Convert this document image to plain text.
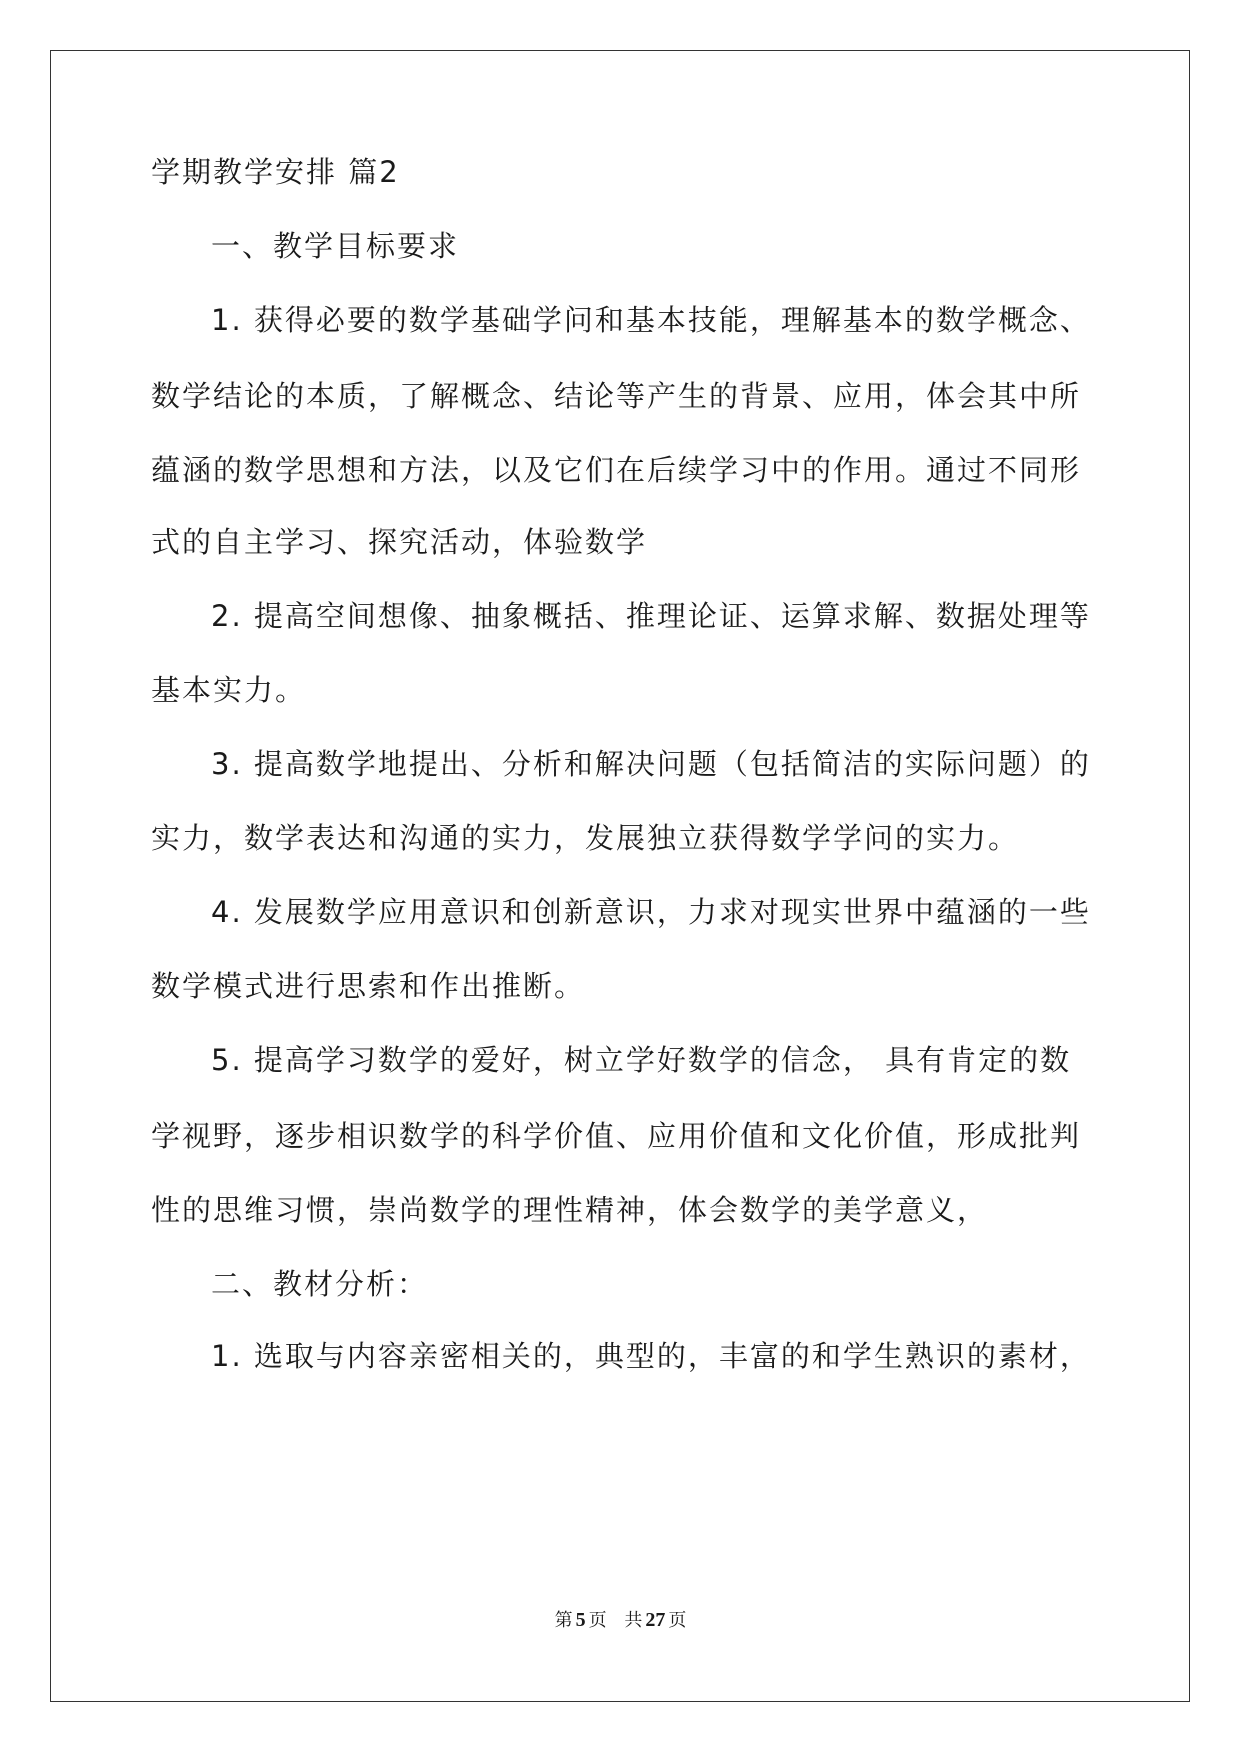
学期教学安排 篇2
一、教学目标要求
1. 获得必要的数学基础学问和基本技能，理解基本的数学概念、
数学结论的本质，了解概念、结论等产生的背景、应用，体会其中所
蕴涵的数学思想和方法，以及它们在后续学习中的作用。通过不同形
式的自主学习、探究活动，体验数学
2. 提高空间想像、抽象概括、推理论证、运算求解、数据处理等
基本实力。
3. 提高数学地提出、分析和解决问题（包括简洁的实际问题）的
实力，数学表达和沟通的实力，发展独立获得数学学问的实力。
4. 发展数学应用意识和创新意识，力求对现实世界中蕴涵的一些
数学模式进行思索和作出推断。
5. 提高学习数学的爱好，树立学好数学的信念， 具有肯定的数
学视野，逐步相识数学的科学价值、应用价值和文化价值，形成批判
性的思维习惯，崇尚数学的理性精神，体会数学的美学意义，
二、教材分析：
1. 选取与内容亲密相关的，典型的，丰富的和学生熟识的素材，
第 5 页 共 27 页
